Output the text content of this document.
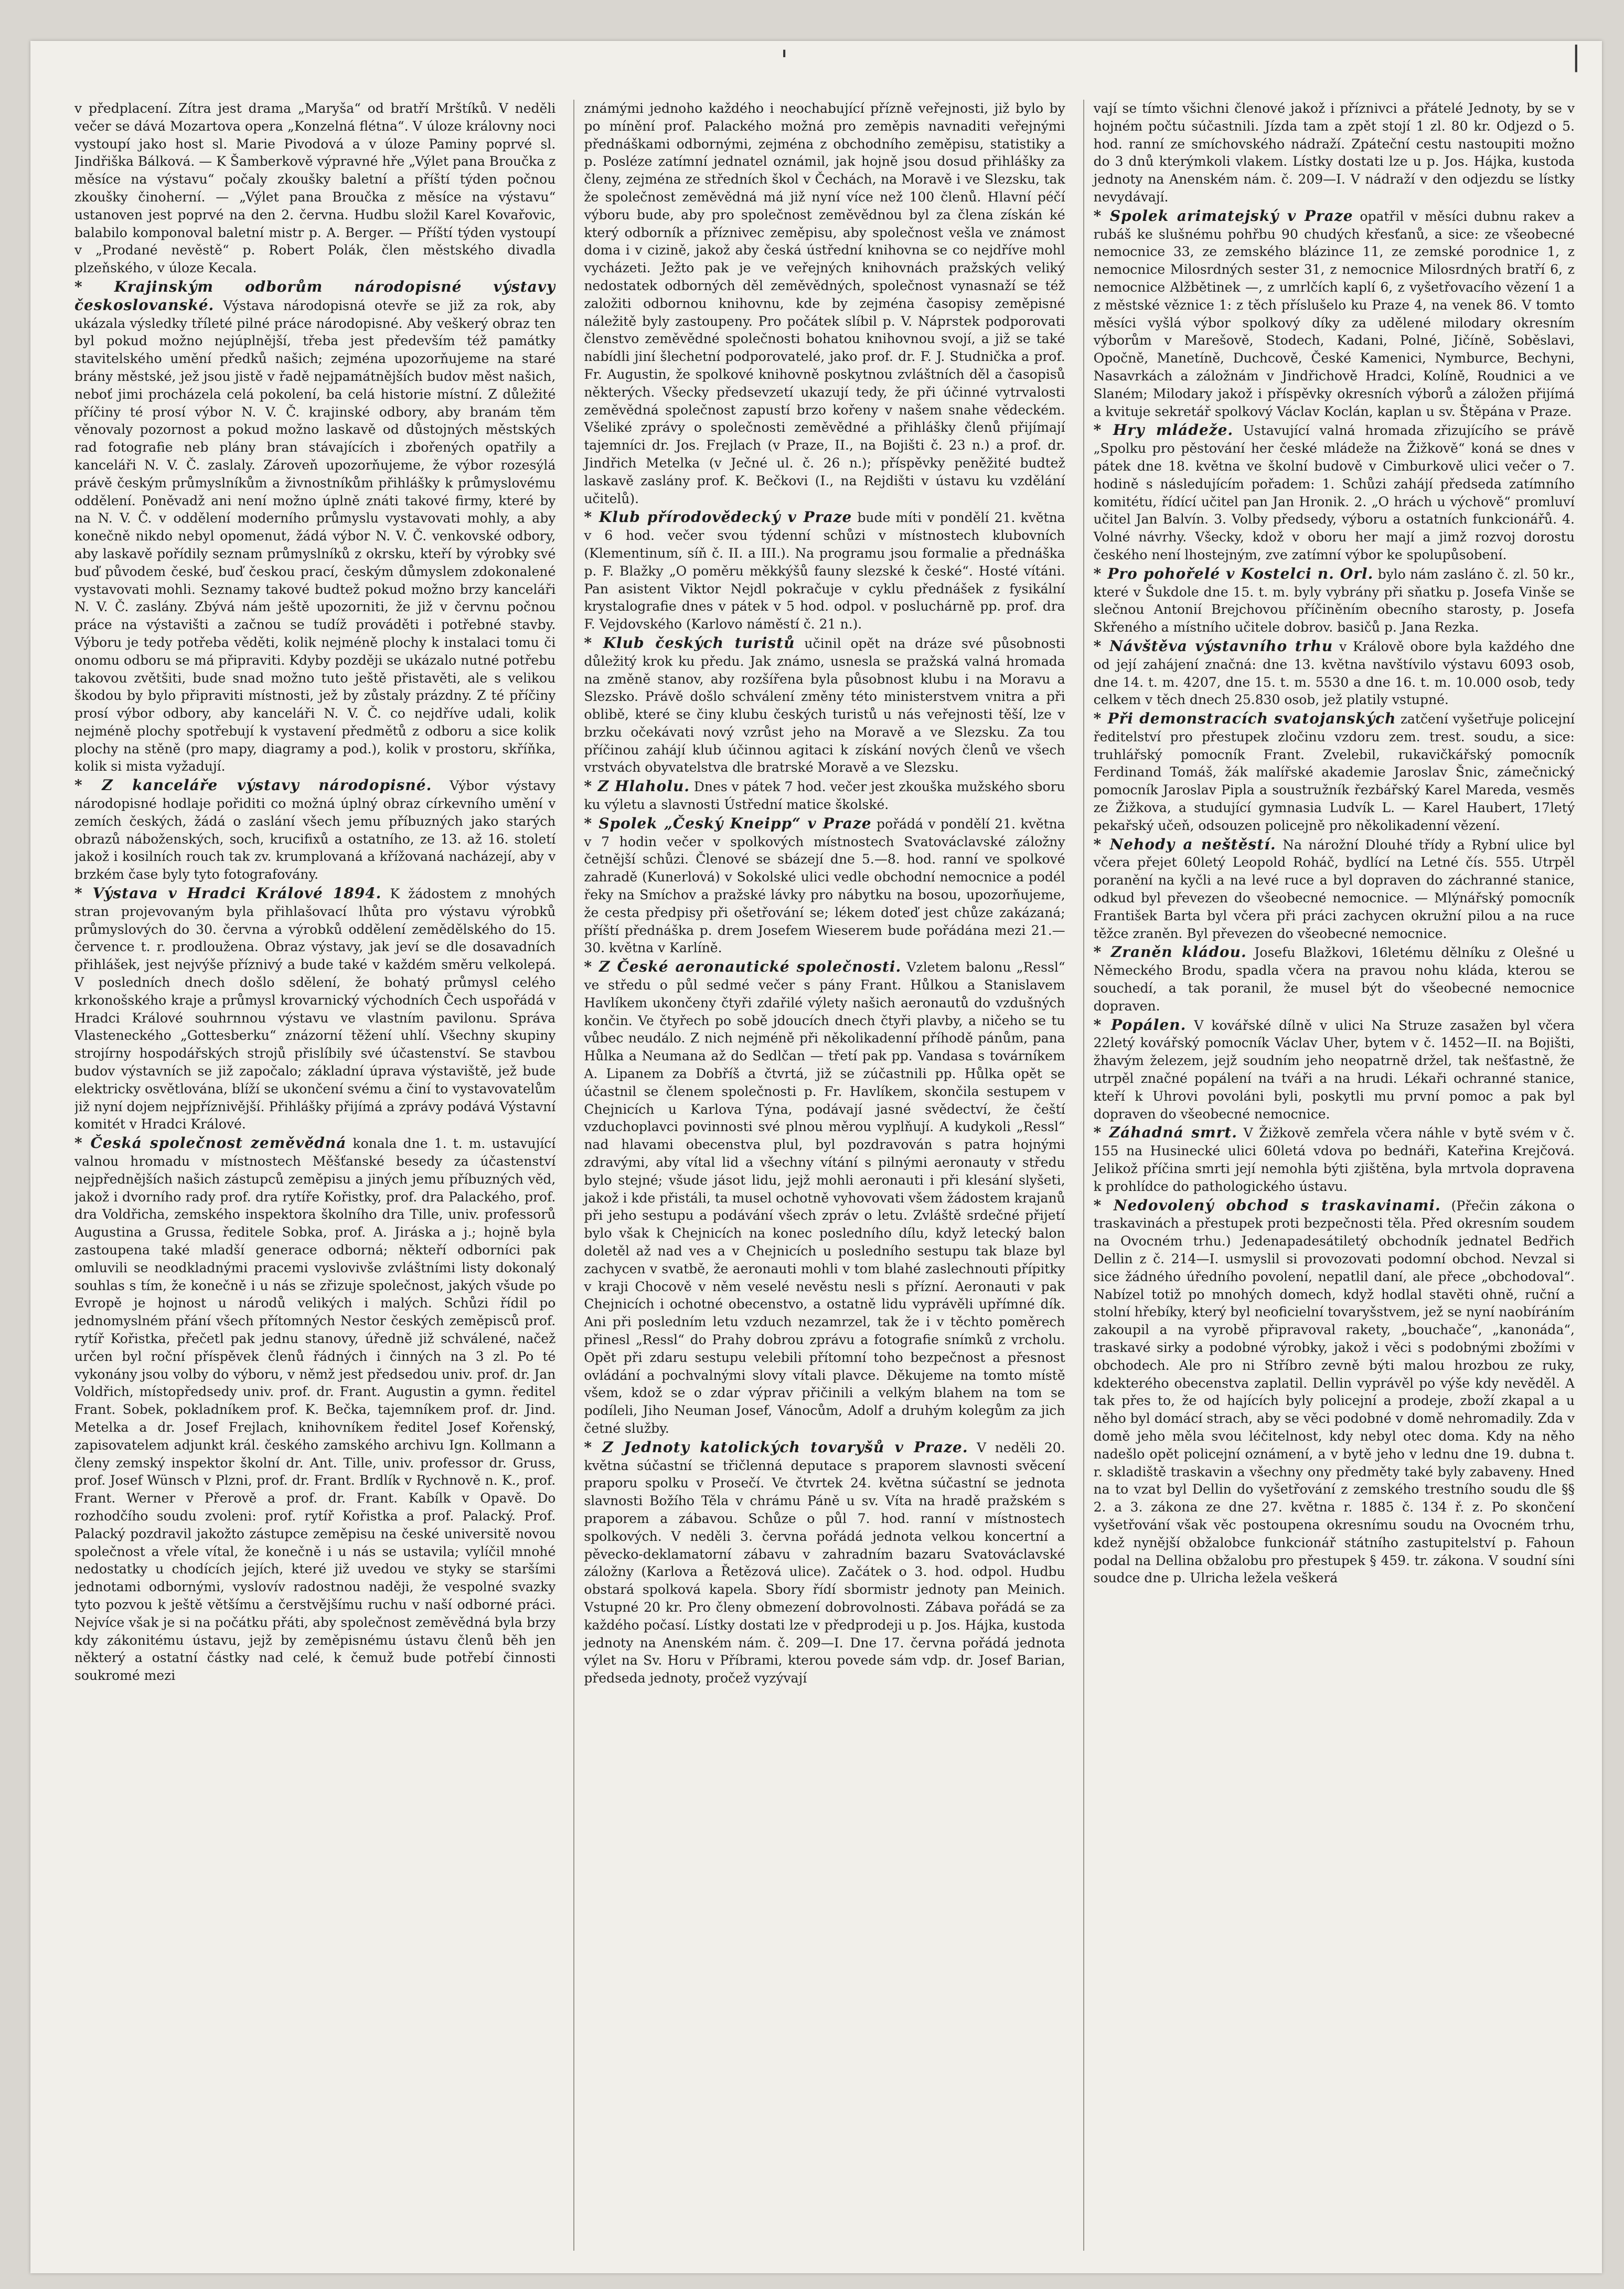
'	|

v předplacení. Zítra jest drama „Maryša“ od bratří Mrštíků. V neděli večer se dává Mozartova opera „Konzelná flétna“. V úloze královny noci vystoupí jako host sl. Marie Pivodová a v úloze Paminy poprvé sl. Jindřiška Bálková. — K Šamberkově výpravné hře „Výlet pana Broučka z měsíce na výstavu“ počaly zkoušky baletní a příští týden počnou zkoušky činoherní. — „Výlet pana Broučka z měsíce na výstavu“ ustanoven jest poprvé na den 2. června. Hudbu složil Karel Kovařovic, balabilo komponoval baletní mistr p. A. Berger. — Příští týden vystoupí v „Prodané nevěstě“ p. Robert Polák, člen městského divadla plzeňského, v úloze Kecala.

* Krajinským odborům národopisné výstavy českoslovanské. Výstava národopisná otevře se již za rok, aby ukázala výsledky tříleté pilné práce národopisné. Aby veškerý obraz ten byl pokud možno nejúplnější, třeba jest především též památky stavitelského umění předků našich; zejména upozorňujeme na staré brány městské, jež jsou jistě v řadě nejpamátnějších budov měst našich, neboť jimi procházela celá pokolení, ba celá historie místní. Z důležité příčiny té prosí výbor N. V. Č. krajinské odbory, aby branám těm věnovaly pozornost a pokud možno laskavě od důstojných městských rad fotografie neb plány bran stávajících i zbořených opatřily a kanceláři N. V. Č. zaslaly. Zároveň upozorňujeme, že výbor rozesýlá právě českým průmyslníkům a živnostníkům přihlášky k průmyslovému oddělení. Poněvadž ani není možno úplně znáti takové firmy, které by na N. V. Č. v oddělení moderního průmyslu vystavovati mohly, a aby konečně nikdo nebyl opomenut, žádá výbor N. V. Č. venkovské odbory, aby laskavě pořídily seznam průmyslníků z okrsku, kteří by výrobky své buď původem české, buď českou prací, českým důmyslem zdokonalené vystavovati mohli. Seznamy takové budtež pokud možno brzy kanceláři N. V. Č. zaslány. Zbývá nám ještě upozorniti, že již v červnu počnou práce na výstavišti a začnou se tudíž prováděti i potřebné stavby. Výboru je tedy potřeba věděti, kolik nejméně plochy k instalaci tomu či onomu odboru se má připraviti. Kdyby později se ukázalo nutné potřebu takovou zvětšiti, bude snad možno tuto ještě přistavěti, ale s velikou škodou by bylo připraviti místnosti, jež by zůstaly prázdny. Z té příčiny prosí výbor odbory, aby kanceláři N. V. Č. co nejdříve udali, kolik nejméně plochy spotřebují k vystavení předmětů z odboru a sice kolik plochy na stěně (pro mapy, diagramy a pod.), kolik v prostoru, skříňka, kolik si mista vyžadují.

* Z kanceláře výstavy národopisné. Výbor výstavy národopisné hodlaje pořiditi co možná úplný obraz církevního umění v zemích českých, žádá o zaslání všech jemu příbuzných jako starých obrazů náboženských, soch, krucifixů a ostatního, ze 13. až 16. století jakož i kosilních rouch tak zv. krumplovaná a křížovaná nacházejí, aby v brzkém čase byly tyto fotografovány.

* Výstava v Hradci Králové 1894. K žádostem z mnohých stran projevovaným byla přihlašovací lhůta pro výstavu výrobků průmyslových do 30. června a výrobků oddělení zemědělského do 15. července t. r. prodloužena. Obraz výstavy, jak jeví se dle dosavadních přihlášek, jest nejvýše příznivý a bude také v každém směru velkolepá. V posledních dnech došlo sdělení, že bohatý průmysl celého krkonošského kraje a průmysl krovarnický východních Čech uspořádá v Hradci Králové souhrnnou výstavu ve vlastním pavilonu. Správa Vlasteneckého „Gottesberku“ znázorní těžení uhlí. Všechny skupiny strojírny hospodářských strojů přislíbily své účastenství. Se stavbou budov výstavních se již započalo; základní úprava výstaviště, jež bude elektricky osvětlována, blíží se ukončení svému a činí to vystavovatelům již nyní dojem nejpříznivější. Přihlášky přijímá a zprávy podává Výstavní komitét v Hradci Králové.

* Česká společnost zeměvědná konala dne 1. t. m. ustavující valnou hromadu v místnostech Měšťanské besedy za účastenství nejpřednějších našich zástupců zeměpisu a jiných jemu příbuzných věd, jakož i dvorního rady prof. dra rytíře Kořistky, prof. dra Palackého, prof. dra Voldřicha, zemského inspektora školního dra Tille, univ. professorů Augustina a Grussa, ředitele Sobka, prof. A. Jiráska a j.; hojně byla zastoupena také mladší generace odborná; někteří odborníci pak omluvili se neodkladnými pracemi vyslovivše zvláštními listy dokonalý souhlas s tím, že konečně i u nás se zřizuje společnost, jakých všude po Evropě je hojnost u národů velikých i malých. Schůzi řídil po jednomyslném přání všech přítomných Nestor českých zeměpisců prof. rytíř Kořistka, přečetl pak jednu stanovy, úředně již schválené, načež určen byl roční příspěvek členů řádných i činných na 3 zl. Po té vykonány jsou volby do výboru, v němž jest předsedou univ. prof. dr. Jan Voldřich, místopředsedy univ. prof. dr. Frant. Augustin a gymn. ředitel Frant. Sobek, pokladníkem prof. K. Bečka, tajemníkem prof. dr. Jind. Metelka a dr. Josef Frejlach, knihovníkem ředitel Josef Kořenský, zapisovatelem adjunkt král. českého zamského archivu Ign. Kollmann a členy zemský inspektor školní dr. Ant. Tille, univ. professor dr. Gruss, prof. Josef Wünsch v Plzni, prof. dr. Frant. Brdlík v Rychnově n. K., prof. Frant. Werner v Přerově a prof. dr. Frant. Kabílk v Opavě. Do rozhodčího soudu zvoleni: prof. rytíř Kořistka a prof. Palacký. Prof. Palacký pozdravil jakožto zástupce zeměpisu na české universitě novou společnost a vřele vítal, že konečně i u nás se ustavila; vylíčil mnohé nedostatky u chodících jejích, které již uvedou ve styky se staršími jednotami odbornými, vyslovív radostnou naději, že vespolné svazky tyto pozvou k ještě většímu a čerstvějšímu ruchu v naší odborné práci. Nejvíce však je si na počátku přáti, aby společnost zeměvědná byla brzy kdy zákonitému ústavu, jejž by zeměpisnému ústavu členů běh jen některý a ostatní částky nad celé, k čemuž bude potřebí činnosti soukromé mezi

známými jednoho každého i neochabující přízně veřejnosti, již bylo by po mínění prof. Palackého možná pro zeměpis navnaditi veřejnými přednáškami odbornými, zejména z obchodního zeměpisu, statistiky a p. Posléze zatímní jednatel oznámil, jak hojně jsou dosud přihlášky za členy, zejména ze středních škol v Čechách, na Moravě i ve Slezsku, tak že společnost zeměvědná má již nyní více než 100 členů. Hlavní péčí výboru bude, aby pro společnost zeměvědnou byl za člena získán ké který odborník a příznivec zeměpisu, aby společnost vešla ve známost doma i v cizině, jakož aby česká ústřední knihovna se co nejdříve mohl vycházeti. Ježto pak je ve veřejných knihovnách pražských veliký nedostatek odborných děl zeměvědných, společnost vynasnaží se též založiti odbornou knihovnu, kde by zejména časopisy zeměpisné náležitě byly zastoupeny. Pro počátek slíbil p. V. Náprstek podporovati členstvo zeměvědné společnosti bohatou knihovnou svojí, a již se také nabídli jiní šlechetní podporovatelé, jako prof. dr. F. J. Studnička a prof. Fr. Augustin, že spolkové knihovně poskytnou zvláštních děl a časopisů některých. Všecky předsevzetí ukazují tedy, že při účinné vytrvalosti zeměvědná společnost zapustí brzo kořeny v našem snahe vědeckém. Všeliké zprávy o společnosti zeměvědné a přihlášky členů přijímají tajemníci dr. Jos. Frejlach (v Praze, II., na Bojišti č. 23 n.) a prof. dr. Jindřich Metelka (v Ječné ul. č. 26 n.); příspěvky peněžité budtež laskavě zaslány prof. K. Bečkovi (I., na Rejdišti v ústavu ku vzdělání učitelů).

* Klub přírodovědecký v Praze bude míti v pondělí 21. května v 6 hod. večer svou týdenní schůzi v místnostech klubovních (Klementinum, síň č. II. a III.). Na programu jsou formalie a přednáška p. F. Blažky „O poměru měkkýšů fauny slezské k české“. Hosté vítáni. Pan asistent Viktor Nejdl pokračuje v cyklu přednášek z fysikální krystalografie dnes v pátek v 5 hod. odpol. v posluchárně pp. prof. dra F. Vejdovského (Karlovo náměstí č. 21 n.).

* Klub českých turistů učinil opět na dráze své působnosti důležitý krok ku předu. Jak známo, usnesla se pražská valná hromada na změně stanov, aby rozšířena byla působnost klubu i na Moravu a Slezsko. Právě došlo schválení změny této ministerstvem vnitra a při oblibě, které se činy klubu českých turistů u nás veřejnosti těší, lze v brzku očekávati nový vzrůst jeho na Moravě a ve Slezsku. Za tou příčinou zahájí klub účinnou agitaci k získání nových členů ve všech vrstvách obyvatelstva dle bratrské Moravě a ve Slezsku.

* Z Hlaholu. Dnes v pátek 7 hod. večer jest zkouška mužského sboru ku výletu a slavnosti Ústřední matice školské.

* Spolek „Český Kneipp“ v Praze pořádá v pondělí 21. května v 7 hodin večer v spolkových místnostech Svatováclavské záložny četnější schůzi. Členové se sbázejí dne 5.—8. hod. ranní ve spolkové zahradě (Kunerlová) v Sokolské ulici vedle obchodní nemocnice a podél řeky na Smíchov a pražské lávky pro nábytku na bosou, upozorňujeme, že cesta předpisy při ošetřování se; lékem doteď jest chůze zakázaná; příští přednáška p. drem Josefem Wieserem bude pořádána mezi 21.—30. května v Karlíně.

* Z České aeronautické společnosti. Vzletem balonu „Ressl“ ve středu o půl sedmé večer s pány Frant. Hůlkou a Stanislavem Havlíkem ukončeny čtyři zdařilé výlety našich aeronautů do vzdušných končin. Ve čtyřech po sobě jdoucích dnech čtyři plavby, a ničeho se tu vůbec neudálo. Z nich nejméně při několikadenní příhodě pánům, pana Hůlka a Neumana až do Sedlčan — třetí pak pp. Vandasa s továrníkem A. Lipanem za Dobříš a čtvrtá, již se zúčastnili pp. Hůlka opět se účastnil se členem společnosti p. Fr. Havlíkem, skončila sestupem v Chejnicích u Karlova Týna, podávají jasné svědectví, že čeští vzduchoplavci povinnosti své plnou měrou vyplňují. A kudykoli „Ressl“ nad hlavami obecenstva plul, byl pozdravován s patra hojnými zdravými, aby vítal lid a všechny vítání s pilnými aeronauty v středu bylo stejné; všude jásot lidu, jejž mohli aeronauti i při klesání slyšeti, jakož i kde přistáli, ta musel ochotně vyhovovati všem žádostem krajanů při jeho sestupu a podávání všech zpráv o letu. Zvláště srdečné přijetí bylo však k Chejnicích na konec posledního dílu, když letecký balon doletěl až nad ves a v Chejnicích u posledního sestupu tak blaze byl zachycen v svatbě, že aeronauti mohli v tom blahé zaslechnouti přípitky v kraji Chocově v něm veselé nevěstu nesli s přízní. Aeronauti v pak Chejnicích i ochotné obecenstvo, a ostatně lidu vyprávěli upřímné dík. Ani při posledním letu vzduch nezamrzel, tak že i v těchto poměrech přinesl „Ressl“ do Prahy dobrou zprávu a fotografie snímků z vrcholu. Opět při zdaru sestupu velebili přítomní toho bezpečnost a přesnost ovládání a pochvalnými slovy vítali plavce. Děkujeme na tomto místě všem, kdož se o zdar výprav přičinili a velkým blahem na tom se podíleli, Jiho Neuman Josef, Vánocům, Adolf a druhým kolegům za jich četné služby.

* Z Jednoty katolických tovaryšů v Praze. V neděli 20. května súčastní se třičlenná deputace s praporem slavnosti svěcení praporu spolku v Prosečí. Ve čtvrtek 24. května súčastní se jednota slavnosti Božího Těla v chrámu Páně u sv. Víta na hradě pražském s praporem a zábavou. Schůze o půl 7. hod. ranní v místnostech spolkových. V neděli 3. června pořádá jednota velkou koncertní a pěvecko-deklamatorní zábavu v zahradním bazaru Svatováclavské záložny (Karlova a Řetězová ulice). Začátek o 3. hod. odpol. Hudbu obstará spolková kapela. Sbory řídí sbormistr jednoty pan Meinich. Vstupné 20 kr. Pro členy obmezení dobrovolnosti. Zábava pořádá se za každého počasí. Lístky dostati lze v předprodeji u p. Jos. Hájka, kustoda jednoty na Anenském nám. č. 209—I. Dne 17. června pořádá jednota výlet na Sv. Horu v Příbrami, kterou povede sám vdp. dr. Josef Barian, předseda jednoty, pročež vyzývají

vají se tímto všichni členové jakož i příznivci a přátelé Jednoty, by se v hojném počtu súčastnili. Jízda tam a zpět stojí 1 zl. 80 kr. Odjezd o 5. hod. ranní ze smíchovského nádraží. Zpáteční cestu nastoupiti možno do 3 dnů kterýmkoli vlakem. Lístky dostati lze u p. Jos. Hájka, kustoda jednoty na Anenském nám. č. 209—I. V nádraží v den odjezdu se lístky nevydávají.

* Spolek arimatejský v Praze opatřil v měsíci dubnu rakev a rubáš ke slušnému pohřbu 90 chudých křesťanů, a sice: ze všeobecné nemocnice 33, ze zemského blázince 11, ze zemské porodnice 1, z nemocnice Milosrdných sester 31, z nemocnice Milosrdných bratří 6, z nemocnice Alžbětinek —, z umrlčích kaplí 6, z vyšetřovacího vězení 1 a z městské věznice 1: z těch příslušelo ku Praze 4, na venek 86. V tomto měsíci vyšlá výbor spolkový díky za udělené milodary okresním výborům v Marešově, Stodech, Kadani, Polné, Jičíně, Soběslavi, Opočně, Manetíně, Duchcově, České Kamenici, Nymburce, Bechyni, Nasavrkách a záložnám v Jindřichově Hradci, Kolíně, Roudnici a ve Slaném; Milodary jakož i příspěvky okresních výborů a záložen přijímá a kvituje sekretář spolkový Václav Koclán, kaplan u sv. Štěpána v Praze.

* Hry mládeže. Ustavující valná hromada zřizujícího se právě „Spolku pro pěstování her české mládeže na Žižkově“ koná se dnes v pátek dne 18. května ve školní budově v Cimburkově ulici večer o 7. hodině s následujícím pořadem: 1. Schůzi zahájí předseda zatímního komitétu, řídící učitel pan Jan Hronik. 2. „O hrách u výchově“ promluví učitel Jan Balvín. 3. Volby předsedy, výboru a ostatních funkcionářů. 4. Volné návrhy. Všecky, kdož v oboru her mají a jimž rozvoj dorostu českého není lhostejným, zve zatímní výbor ke spolupůsobení.

* Pro pohořelé v Kostelci n. Orl. bylo nám zasláno č. zl. 50 kr., které v Šukdole dne 15. t. m. byly vybrány při sňatku p. Josefa Vinše se slečnou Antonií Brejchovou příčiněním obecního starosty, p. Josefa Skřeného a místního učitele dobrov. basičů p. Jana Rezka.

* Návštěva výstavního trhu v Králově obore byla každého dne od její zahájení značná: dne 13. května navštívilo výstavu 6093 osob, dne 14. t. m. 4207, dne 15. t. m. 5530 a dne 16. t. m. 10.000 osob, tedy celkem v těch dnech 25.830 osob, jež platily vstupné.

* Při demonstracích svatojanských zatčení vyšetřuje policejní ředitelství pro přestupek zločinu vzdoru zem. trest. soudu, a sice: truhlářský pomocník Frant. Zvelebil, rukavičkářský pomocník Ferdinand Tomáš, žák malířské akademie Jaroslav Šnic, zámečnický pomocník Jaroslav Pipla a soustružník řezbářský Karel Mareda, vesměs ze Žižkova, a studující gymnasia Ludvík L. — Karel Haubert, 17letý pekařský učeň, odsouzen policejně pro několikadenní vězení.

* Nehody a neštěstí. Na nárožní Dlouhé třídy a Rybní ulice byl včera přejet 60letý Leopold Roháč, bydlící na Letné čís. 555. Utrpěl poranění na kyčli a na levé ruce a byl dopraven do záchranné stanice, odkud byl převezen do všeobecné nemocnice. — Mlýnářský pomocník František Barta byl včera při práci zachycen okružní pilou a na ruce těžce zraněn. Byl převezen do všeobecné nemocnice.

* Zraněn kládou. Josefu Blažkovi, 16letému dělníku z Olešné u Německého Brodu, spadla včera na pravou nohu kláda, kterou se souchedí, a tak poranil, že musel být do všeobecné nemocnice dopraven.

* Popálen. V kovářské dílně v ulici Na Struze zasažen byl včera 22letý kovářský pomocník Václav Uher, bytem v č. 1452—II. na Bojišti, žhavým železem, jejž soudním jeho neopatrně držel, tak nešťastně, že utrpěl značné popálení na tváři a na hrudi. Lékaři ochranné stanice, kteří k Uhrovi povoláni byli, poskytli mu první pomoc a pak byl dopraven do všeobecné nemocnice.

* Záhadná smrt. V Žižkově zemřela včera náhle v bytě svém v č. 155 na Husinecké ulici 60letá vdova po bednáři, Kateřina Krejčová. Jelikož příčina smrti její nemohla býti zjištěna, byla mrtvola dopravena k prohlídce do pathologického ústavu.

* Nedovolený obchod s traskavinami. (Přečin zákona o traskavinách a přestupek proti bezpečnosti těla. Před okresním soudem na Ovocném trhu.) Jedenapadesátiletý obchodník jednatel Bedřich Dellin z č. 214—I. usmyslil si provozovati podomní obchod. Nevzal si sice žádného úředního povolení, nepatlil daní, ale přece „obchodoval“. Nabízel totiž po mnohých domech, když hodlal stavěti ohně, ruční a stolní hřebíky, který byl neoficielní tovaryšstvem, jež se nyní naobíráním zakoupil a na vyrobě připravoval rakety, „bouchače“, „kanonáda“, traskavé sirky a podobné výrobky, jakož i věci s podobnými zbožími v obchodech. Ale pro ni Stříbro zevně býti malou hrozbou ze ruky, kdekterého obecenstva zaplatil. Dellin vyprávěl po výše kdy nevěděl. A tak přes to, že od hajících byly policejní a prodeje, zboží zkapal a u něho byl domácí strach, aby se věci podobné v domě nehromadily. Zda v domě jeho měla svou léčitelnost, kdy nebyl otec doma. Kdy na něho nadešlo opět policejní oznámení, a v bytě jeho v lednu dne 19. dubna t. r. skladiště traskavin a všechny ony předměty také byly zabaveny. Hned na to vzat byl Dellin do vyšetřování z zemského trestního soudu dle §§ 2. a 3. zákona ze dne 27. května r. 1885 č. 134 ř. z. Po skončení vyšetřování však věc postoupena okresnímu soudu na Ovocném trhu, kdež nynější obžalobce funkcionář státního zastupitelství p. Fahoun podal na Dellina obžalobu pro přestupek § 459. tr. zákona. V soudní síni soudce dne p. Ulricha ležela veškerá
